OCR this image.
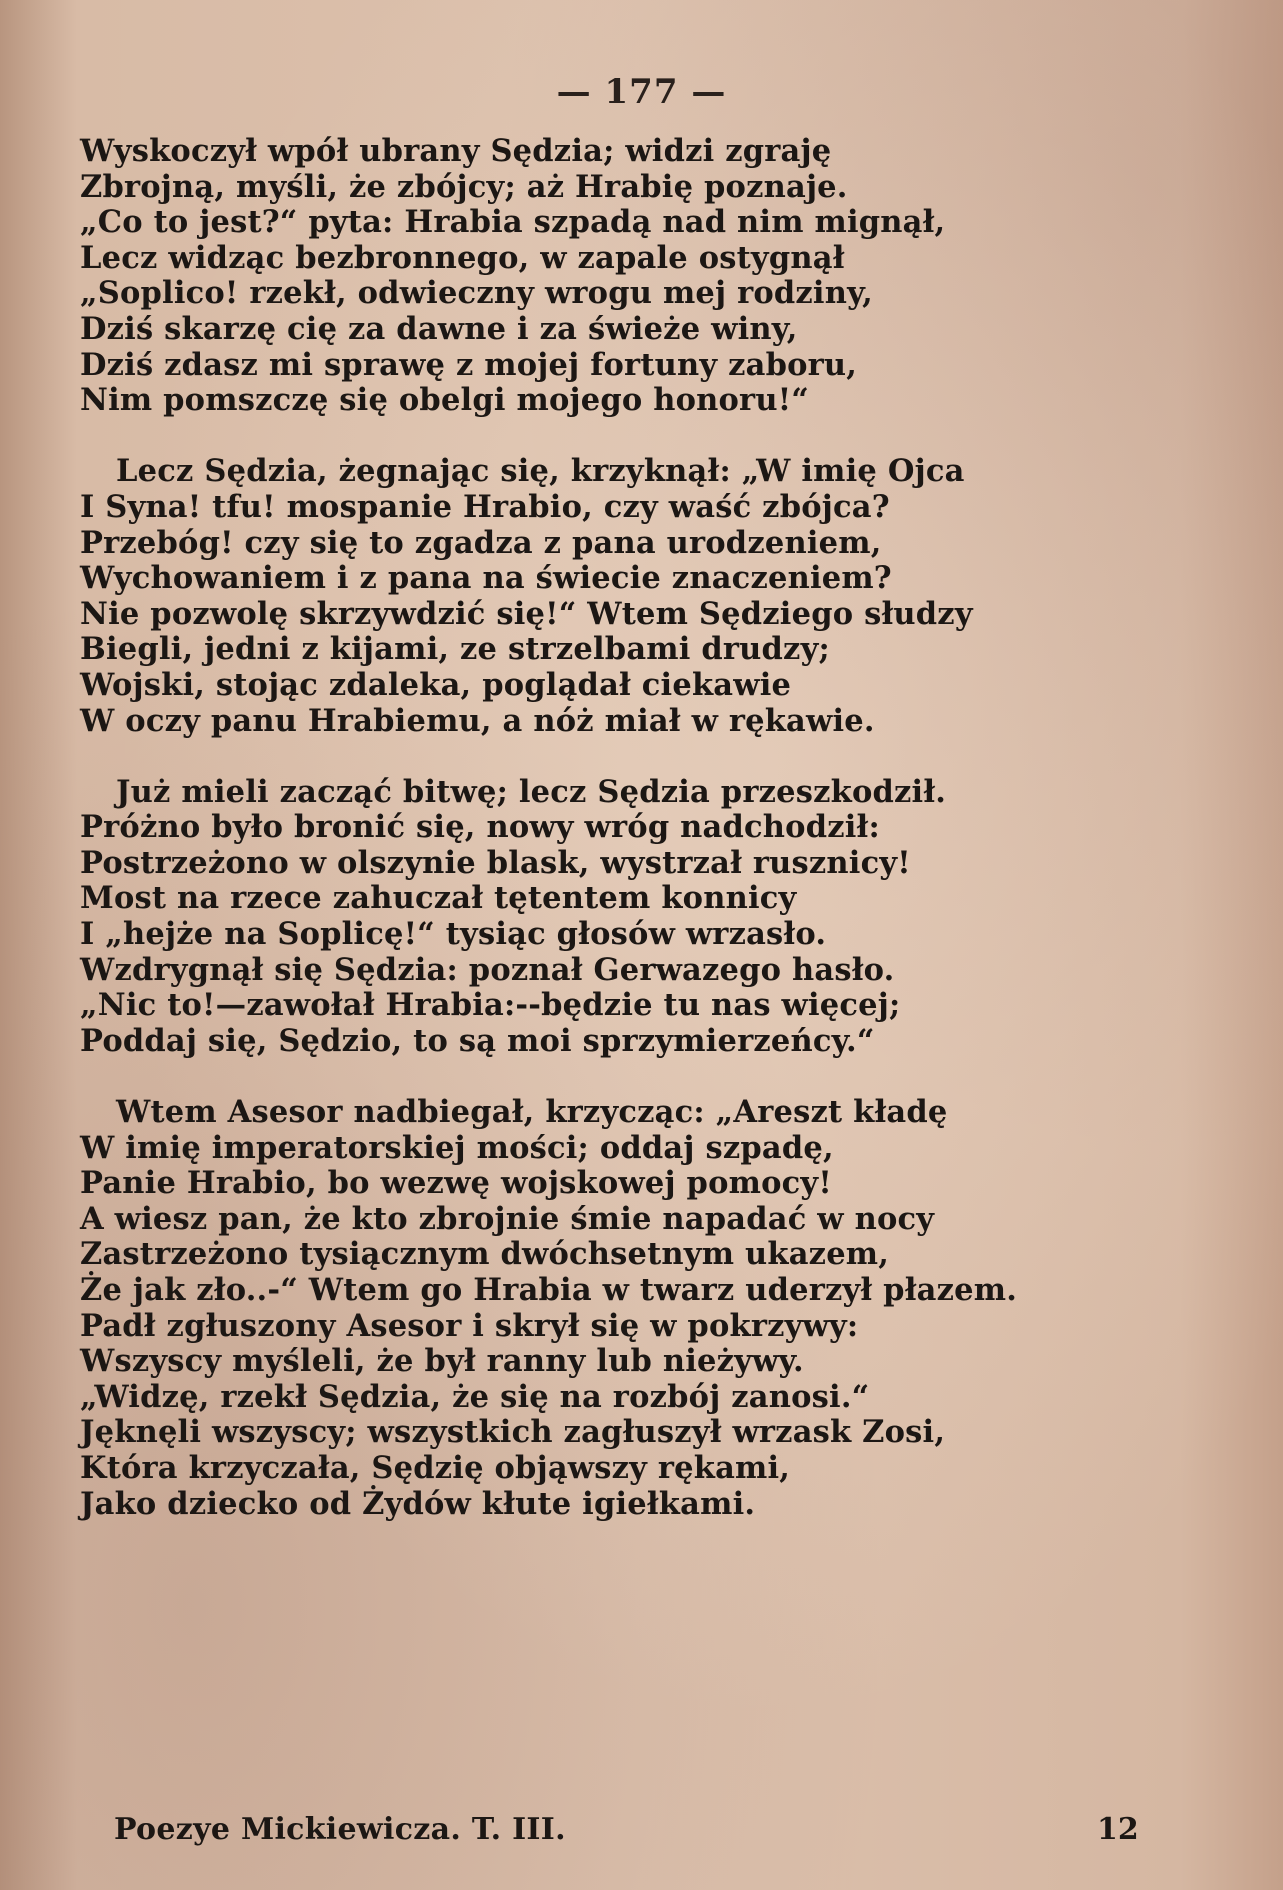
— 177 —
Wyskoczył wpół ubrany Sędzia; widzi zgraję
Zbrojną, myśli, że zbójcy; aż Hrabię poznaje.
„Co to jest?“ pyta: Hrabia szpadą nad nim mignął,
Lecz widząc bezbronnego, w zapale ostygnął
„Soplico! rzekł, odwieczny wrogu mej rodziny,
Dziś skarzę cię za dawne i za świeże winy,
Dziś zdasz mi sprawę z mojej fortuny zaboru,
Nim pomszczę się obelgi mojego honoru!“
Lecz Sędzia, żegnając się, krzyknął: „W imię Ojca
I Syna! tfu! mospanie Hrabio, czy waść zbójca?
Przebóg! czy się to zgadza z pana urodzeniem,
Wychowaniem i z pana na świecie znaczeniem?
Nie pozwolę skrzywdzić się!“ Wtem Sędziego słudzy
Biegli, jedni z kijami, ze strzelbami drudzy;
Wojski, stojąc zdaleka, poglądał ciekawie
W oczy panu Hrabiemu, a nóż miał w rękawie.
Już mieli zacząć bitwę; lecz Sędzia przeszkodził.
Próżno było bronić się, nowy wróg nadchodził:
Postrzeżono w olszynie blask, wystrzał rusznicy!
Most na rzece zahuczał tętentem konnicy
I „hejże na Soplicę!“ tysiąc głosów wrzasło.
Wzdrygnął się Sędzia: poznał Gerwazego hasło.
„Nic to!—zawołał Hrabia:--będzie tu nas więcej;
Poddaj się, Sędzio, to są moi sprzymierzeńcy.“
Wtem Asesor nadbiegał, krzycząc: „Areszt kładę
W imię imperatorskiej mości; oddaj szpadę,
Panie Hrabio, bo wezwę wojskowej pomocy!
A wiesz pan, że kto zbrojnie śmie napadać w nocy
Zastrzeżono tysiącznym dwóchsetnym ukazem,
Że jak zło..-“ Wtem go Hrabia w twarz uderzył płazem.
Padł zgłuszony Asesor i skrył się w pokrzywy:
Wszyscy myśleli, że był ranny lub nieżywy.
„Widzę, rzekł Sędzia, że się na rozbój zanosi.“
Jęknęli wszyscy; wszystkich zagłuszył wrzask Zosi,
Która krzyczała, Sędzię objąwszy rękami,
Jako dziecko od Żydów kłute igiełkami.
Poezye Mickiewicza. T. III.	12
